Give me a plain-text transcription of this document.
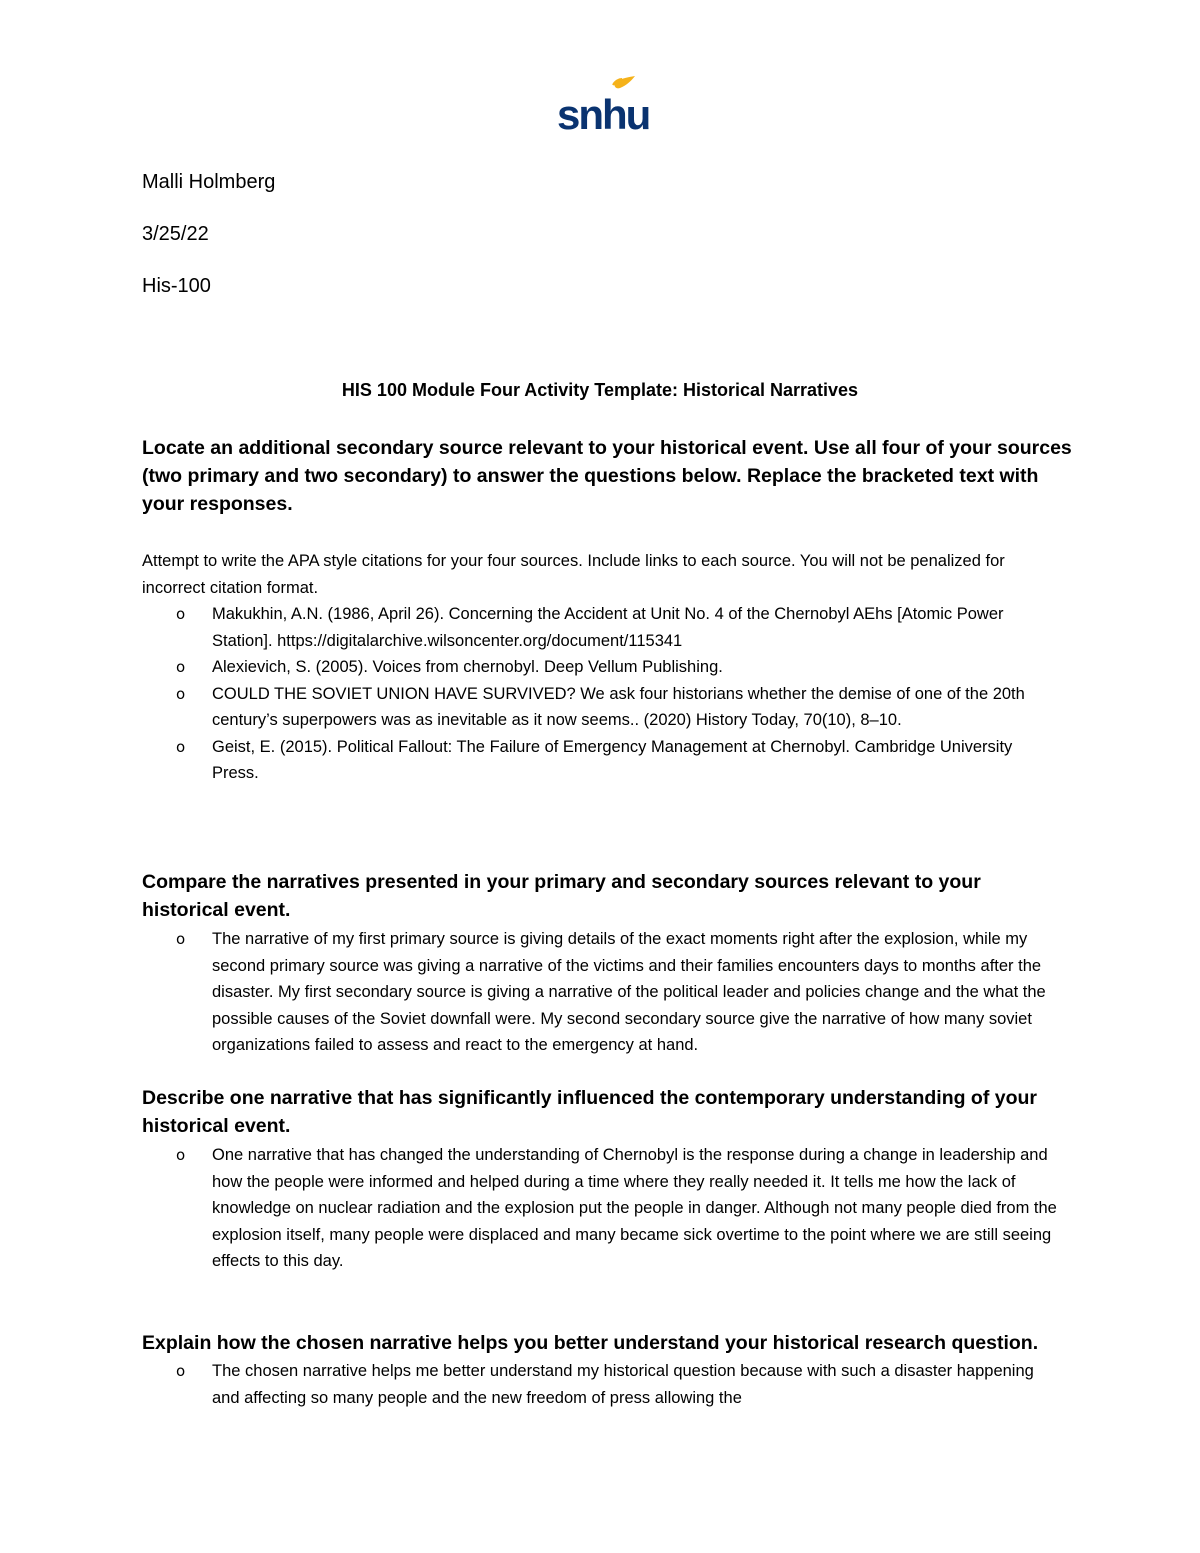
snhu
Malli Holmberg
3/25/22
His-100
HIS 100 Module Four Activity Template: Historical Narratives
Locate an additional secondary source relevant to your historical event. Use all four of your sources (two primary and two secondary) to answer the questions below. Replace the bracketed text with your responses.
Attempt to write the APA style citations for your four sources. Include links to each source. You will not be penalized for incorrect citation format.
o Makukhin, A.N. (1986, April 26). Concerning the Accident at Unit No. 4 of the Chernobyl AEhs [Atomic Power Station]. https://digitalarchive.wilsoncenter.org/document/115341
o Alexievich, S. (2005). Voices from chernobyl. Deep Vellum Publishing.
o COULD THE SOVIET UNION HAVE SURVIVED? We ask four historians whether the demise of one of the 20th century’s superpowers was as inevitable as it now seems.. (2020) History Today, 70(10), 8–10.
o Geist, E. (2015). Political Fallout: The Failure of Emergency Management at Chernobyl. Cambridge University Press.
Compare the narratives presented in your primary and secondary sources relevant to your historical event.
o The narrative of my first primary source is giving details of the exact moments right after the explosion, while my second primary source was giving a narrative of the victims and their families encounters days to months after the disaster. My first secondary source is giving a narrative of the political leader and policies change and the what the possible causes of the Soviet downfall were. My second secondary source give the narrative of how many soviet organizations failed to assess and react to the emergency at hand.
Describe one narrative that has significantly influenced the contemporary understanding of your historical event.
o One narrative that has changed the understanding of Chernobyl is the response during a change in leadership and how the people were informed and helped during a time where they really needed it. It tells me how the lack of knowledge on nuclear radiation and the explosion put the people in danger. Although not many people died from the explosion itself, many people were displaced and many became sick overtime to the point where we are still seeing effects to this day.
Explain how the chosen narrative helps you better understand your historical research question.
o The chosen narrative helps me better understand my historical question because with such a disaster happening and affecting so many people and the new freedom of press allowing the
